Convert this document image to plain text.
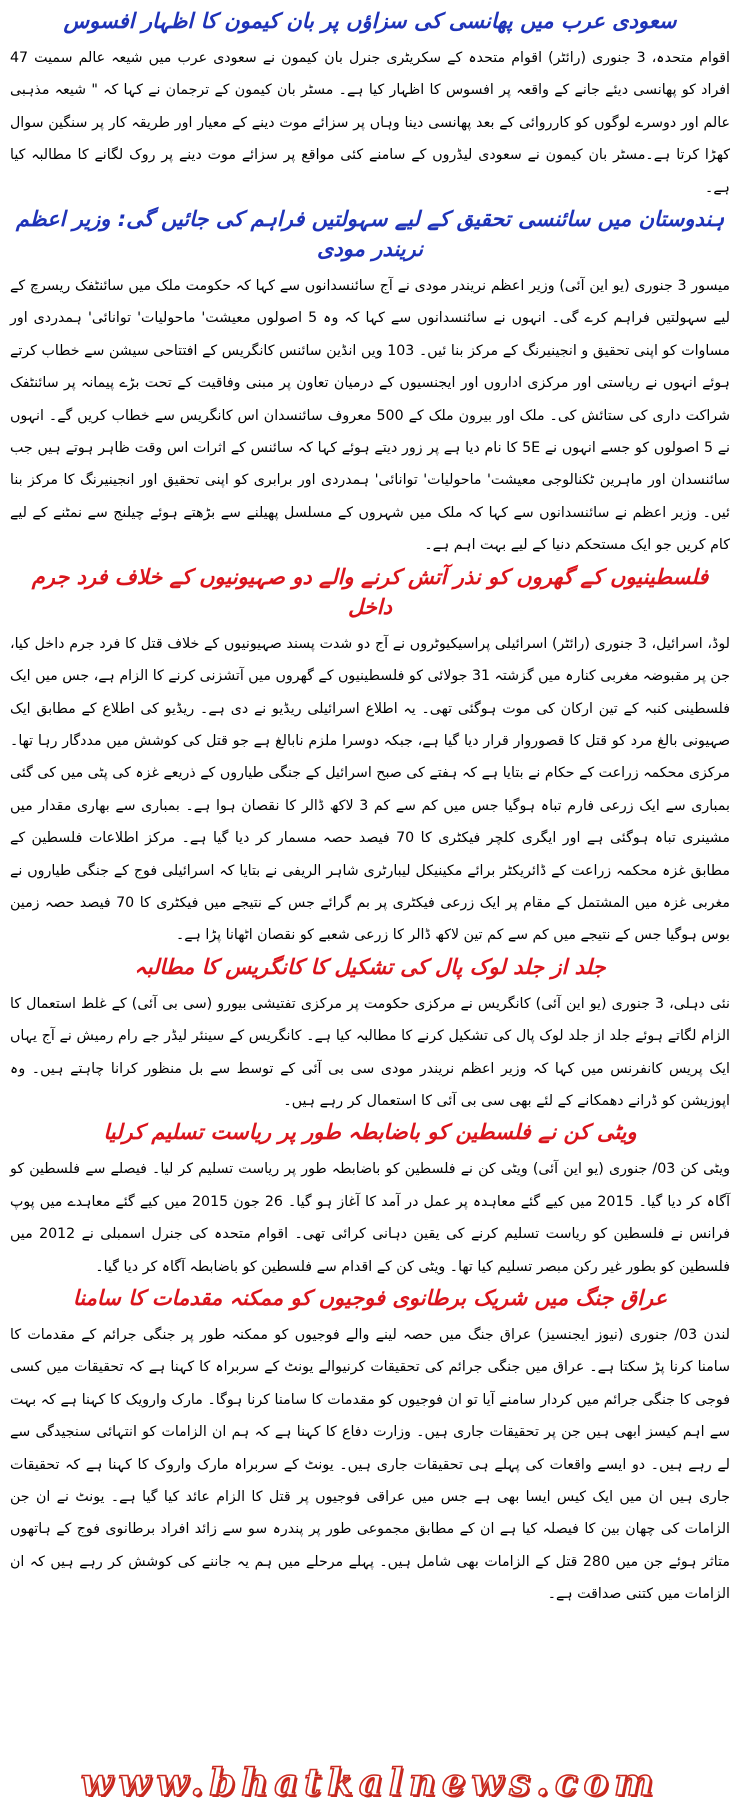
سعودی عرب میں پھانسی کی سزاؤں پر بان کیمون کا اظہار افسوس

اقوام متحدہ، 3 جنوری (رائٹر) اقوام متحدہ کے سکریٹری جنرل بان کیمون نے سعودی عرب میں شیعہ عالم سمیت 47 افراد کو پھانسی دیئے جانے کے واقعہ پر افسوس کا اظہار کیا ہے۔ مسٹر بان کیمون کے ترجمان نے کہا کہ " شیعہ مذہبی عالم اور دوسرے لوگوں کو کارروائی کے بعد پھانسی دینا وہاں پر سزائے موت دینے کے معیار اور طریقہ کار پر سنگین سوال کھڑا کرتا ہے۔مسٹر بان کیمون نے سعودی لیڈروں کے سامنے کئی مواقع پر سزائے موت دینے پر روک لگانے کا مطالبہ کیا ہے۔

ہندوستان میں سائنسی تحقیق کے لیے سہولتیں فراہم کی جائیں گی: وزیر اعظم نریندر مودی

میسور 3 جنوری (یو این آئی) وزیر اعظم نریندر مودی نے آج سائنسدانوں سے کہا کہ حکومت ملک میں سائنٹفک ریسرچ کے لیے سہولتیں فراہم کرے گی۔ انہوں نے سائنسدانوں سے کہا کہ وہ 5 اصولوں معیشت' ماحولیات' توانائی' ہمدردی اور مساوات کو اپنی تحقیق و انجینیرنگ کے مرکز بنا ئیں۔ 103 ویں انڈین سائنس کانگریس کے افتتاحی سیشن سے خطاب کرتے ہوئے انہوں نے ریاستی اور مرکزی اداروں اور ایجنسیوں کے درمیان تعاون پر مبنی وفاقیت کے تحت بڑے پیمانہ پر سائنٹفک شراکت داری کی ستائش کی۔ ملک اور بیرون ملک کے 500 معروف سائنسدان اس کانگریس سے خطاب کریں گے۔ انہوں نے 5 اصولوں کو جسے انہوں نے 5E کا نام دیا ہے پر زور دیتے ہوئے کہا کہ سائنس کے اثرات اس وقت ظاہر ہوتے ہیں جب سائنسدان اور ماہرین ٹکنالوجی معیشت' ماحولیات' توانائی' ہمدردی اور برابری کو اپنی تحقیق اور انجینیرنگ کا مرکز بنا ئیں۔ وزیر اعظم نے سائنسدانوں سے کہا کہ ملک میں شہروں کے مسلسل پھیلنے سے بڑھتے ہوئے چیلنج سے نمٹنے کے لیے کام کریں جو ایک مستحکم دنیا کے لیے بہت اہم ہے۔

فلسطینیوں کے گھروں کو نذر آتش کرنے والے دو صہیونیوں کے خلاف فرد جرم داخل

لوڈ، اسرائیل، 3 جنوری (رائٹر) اسرائیلی پراسیکیوٹروں نے آج دو شدت پسند صہیونیوں کے خلاف قتل کا فرد جرم داخل کیا، جن پر مقبوضہ مغربی کنارہ میں گزشتہ 31 جولائی کو فلسطینیوں کے گھروں میں آتشزنی کرنے کا الزام ہے، جس میں ایک فلسطینی کنبہ کے تین ارکان کی موت ہوگئی تھی۔ یہ اطلاع اسرائیلی ریڈیو نے دی ہے۔ ریڈیو کی اطلاع کے مطابق ایک صہیونی بالغ مرد کو قتل کا قصوروار قرار دیا گیا ہے، جبکہ دوسرا ملزم نابالغ ہے جو قتل کی کوشش میں مددگار رہا تھا۔ مرکزی محکمہ زراعت کے حکام نے بتایا ہے کہ ہفتے کی صبح اسرائیل کے جنگی طیاروں کے ذریعے غزہ کی پٹی میں کی گئی بمباری سے ایک زرعی فارم تباہ ہوگیا جس میں کم سے کم 3 لاکھ ڈالر کا نقصان ہوا ہے۔ بمباری سے بھاری مقدار میں مشینری تباہ ہوگئی ہے اور ایگری کلچر فیکٹری کا 70 فیصد حصہ مسمار کر دیا گیا ہے۔ مرکز اطلاعات فلسطین کے مطابق غزہ محکمہ زراعت کے ڈائریکٹر برائے مکینیکل لیبارٹری شاہر الریفی نے بتایا کہ اسرائیلی فوج کے جنگی طیاروں نے مغربی غزہ میں المشتمل کے مقام پر ایک زرعی فیکٹری پر بم گرائے جس کے نتیجے میں فیکٹری کا 70 فیصد حصہ زمین بوس ہوگیا جس کے نتیجے میں کم سے کم تین لاکھ ڈالر کا زرعی شعبے کو نقصان اٹھانا پڑا ہے۔

جلد از جلد لوک پال کی تشکیل کا کانگریس کا مطالبہ

نئی دہلی، 3 جنوری (یو این آئی) کانگریس نے مرکزی حکومت پر مرکزی تفتیشی بیورو (سی بی آئی) کے غلط استعمال کا الزام لگاتے ہوئے جلد از جلد لوک پال کی تشکیل کرنے کا مطالبہ کیا ہے۔ کانگریس کے سینئر لیڈر جے رام رمیش نے آج یہاں ایک پریس کانفرنس میں کہا کہ وزیر اعظم نریندر مودی سی بی آئی کے توسط سے بل منظور کرانا چاہتے ہیں۔ وہ اپوزیشن کو ڈرانے دھمکانے کے لئے بھی سی بی آئی کا استعمال کر رہے ہیں۔

ویٹی کن نے فلسطین کو باضابطہ طور پر ریاست تسلیم کرلیا

ویٹی کن 03/ جنوری (یو این آئی) ویٹی کن نے فلسطین کو باضابطہ طور پر ریاست تسلیم کر لیا۔ فیصلے سے فلسطین کو آگاہ کر دیا گیا۔ 2015 میں کیے گئے معاہدہ پر عمل در آمد کا آغاز ہو گیا۔ 26 جون 2015 میں کیے گئے معاہدے میں پوپ فرانس نے فلسطین کو ریاست تسلیم کرنے کی یقین دہانی کرائی تھی۔ اقوام متحدہ کی جنرل اسمبلی نے 2012 میں فلسطین کو بطور غیر رکن مبصر تسلیم کیا تھا۔ ویٹی کن کے اقدام سے فلسطین کو باضابطہ آگاہ کر دیا گیا۔

عراق جنگ میں شریک برطانوی فوجیوں کو ممکنہ مقدمات کا سامنا

لندن 03/ جنوری (نیوز ایجنسیز) عراق جنگ میں حصہ لینے والے فوجیوں کو ممکنہ طور پر جنگی جرائم کے مقدمات کا سامنا کرنا پڑ سکتا ہے۔ عراق میں جنگی جرائم کی تحقیقات کرنیوالے یونٹ کے سربراہ کا کہنا ہے کہ تحقیقات میں کسی فوجی کا جنگی جرائم میں کردار سامنے آیا تو ان فوجیوں کو مقدمات کا سامنا کرنا ہوگا۔ مارک وارویک کا کہنا ہے کہ بہت سے اہم کیسز ابھی ہیں جن پر تحقیقات جاری ہیں۔ وزارت دفاع کا کہنا ہے کہ ہم ان الزامات کو انتہائی سنجیدگی سے لے رہے ہیں۔ دو ایسے واقعات کی پہلے ہی تحقیقات جاری ہیں۔ یونٹ کے سربراہ مارک واروک کا کہنا ہے کہ تحقیقات جاری ہیں ان میں ایک کیس ایسا بھی ہے جس میں عراقی فوجیوں پر قتل کا الزام عائد کیا گیا ہے۔ یونٹ نے ان جن الزامات کی چھان بین کا فیصلہ کیا ہے ان کے مطابق مجموعی طور پر پندرہ سو سے زائد افراد برطانوی فوج کے ہاتھوں متاثر ہوئے جن میں 280 قتل کے الزامات بھی شامل ہیں۔ پہلے مرحلے میں ہم یہ جاننے کی کوشش کر رہے ہیں کہ ان الزامات میں کتنی صداقت ہے۔

www.bhatkalnews.com
